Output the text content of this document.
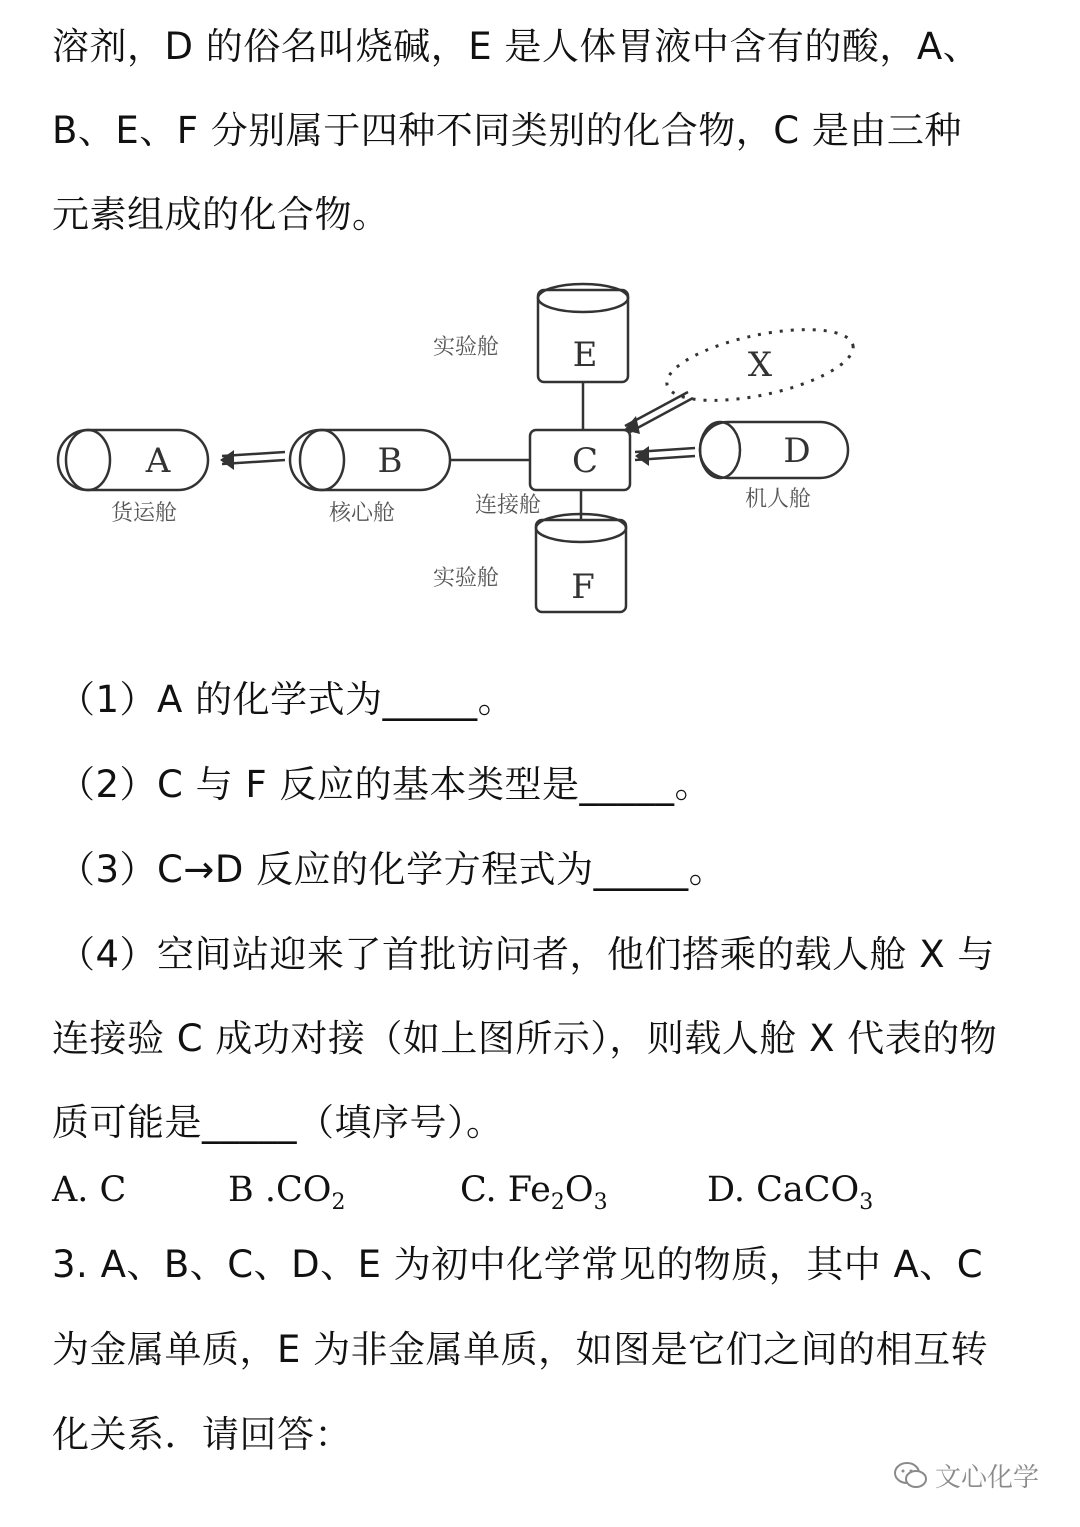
溶剂，D 的俗名叫烧碱，E 是人体胃液中含有的酸，A、
B、E、F 分别属于四种不同类别的化合物，C 是由三种
元素组成的化合物。
A	B	C	D
E
F
X
货运舱	核心舱	连接舱	机人舱
实验舱
实验舱
（1）A 的化学式为_____。
（2）C 与 F 反应的基本类型是_____。
（3）C→D 反应的化学方程式为_____。
（4）空间站迎来了首批访问者，他们搭乘的载人舱 X 与
连接验 C 成功对接（如上图所示），则载人舱 X 代表的物
质可能是_____（填序号）。
A. C	B $.CO_2$	C. $Fe_2O_3$	D. CaCO$_3$
3. A、B、C、D、E 为初中化学常见的物质，其中 A、C
为金属单质，E 为非金属单质，如图是它们之间的相互转
化关系．请回答：
文心化学
